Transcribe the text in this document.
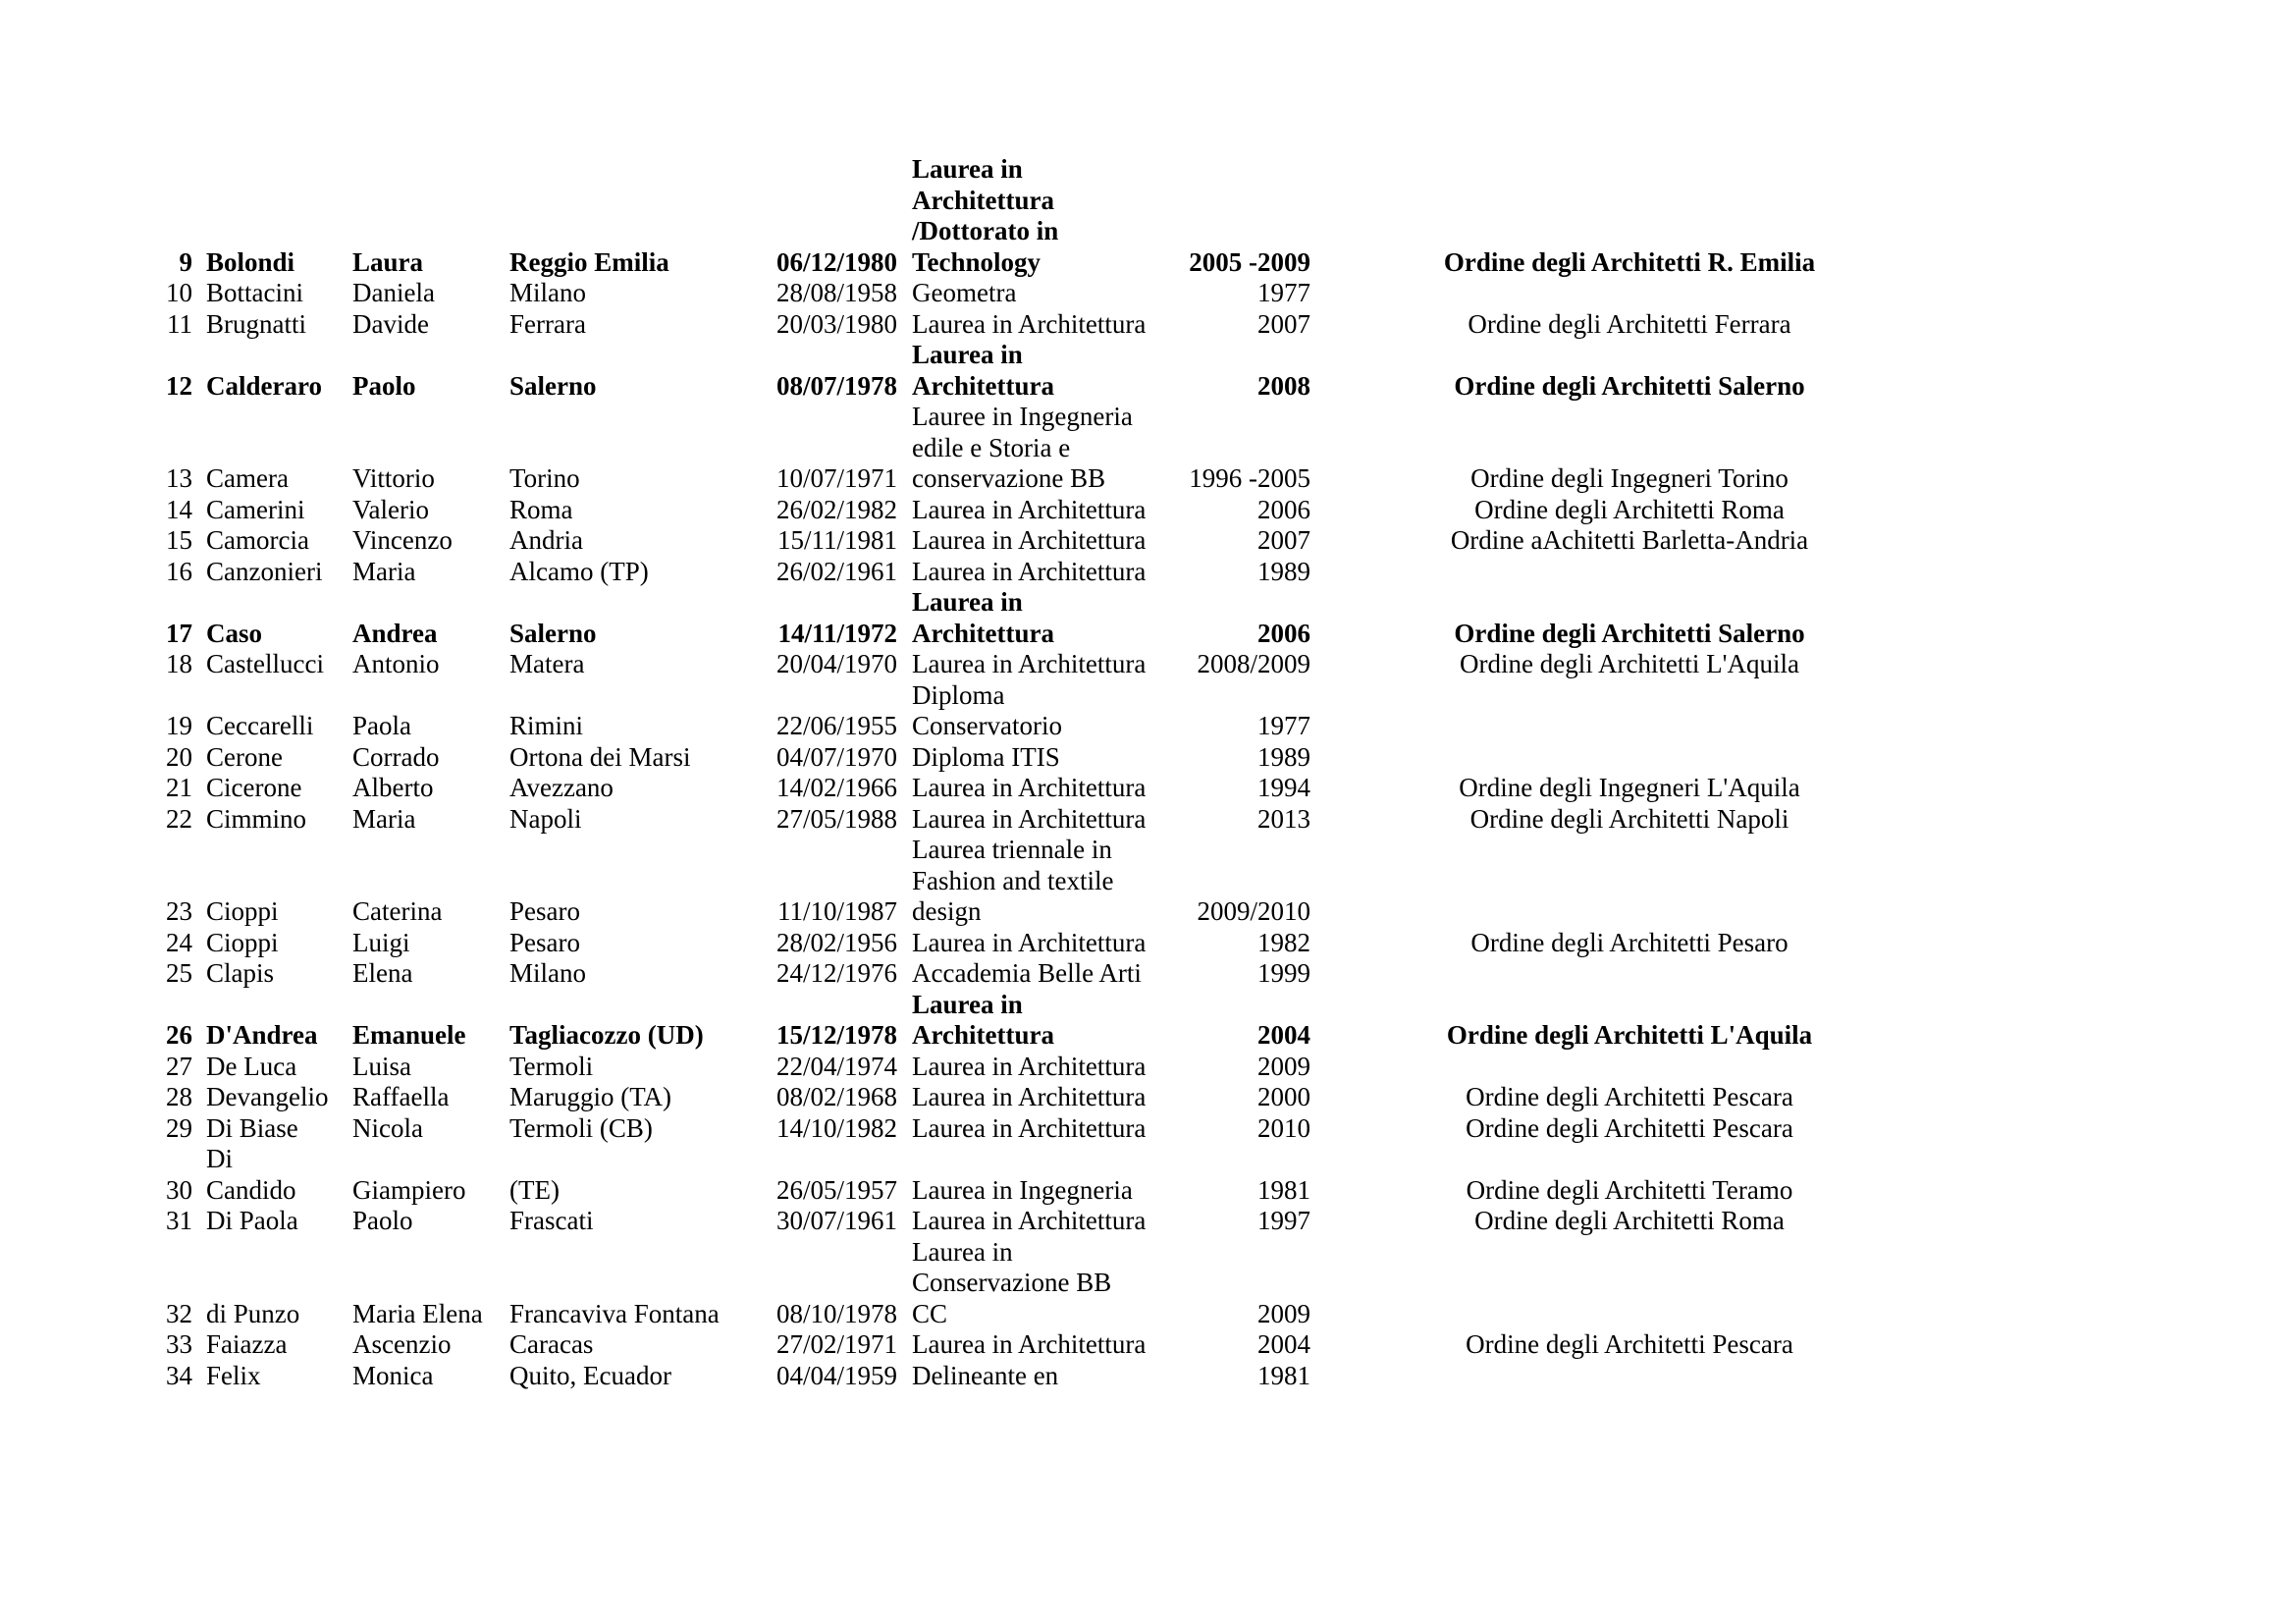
9	Bolondi	Laura	Reggio Emilia	06/12/1980	Laurea in
Architettura
/Dottorato in
Technology	2005 -2009		Ordine degli Architetti R. Emilia
10	Bottacini	Daniela	Milano	28/08/1958	Geometra	1977		
11	Brugnatti	Davide	Ferrara	20/03/1980	Laurea in Architettura	2007		Ordine degli Architetti Ferrara
12	Calderaro	Paolo	Salerno	08/07/1978	Laurea in
Architettura	2008		Ordine degli Architetti Salerno
13	Camera	Vittorio	Torino	10/07/1971	Lauree in Ingegneria
edile e Storia e
conservazione BB	1996 -2005		Ordine degli Ingegneri Torino
14	Camerini	Valerio	Roma	26/02/1982	Laurea in Architettura	2006		Ordine degli Architetti Roma
15	Camorcia	Vincenzo	Andria	15/11/1981	Laurea in Architettura	2007		Ordine aAchitetti Barletta-Andria
16	Canzonieri	Maria	Alcamo (TP)	26/02/1961	Laurea in Architettura	1989		
17	Caso	Andrea	Salerno	14/11/1972	Laurea in
Architettura	2006		Ordine degli Architetti Salerno
18	Castellucci	Antonio	Matera	20/04/1970	Laurea in Architettura	2008/2009		Ordine degli Architetti L'Aquila
19	Ceccarelli	Paola	Rimini	22/06/1955	Diploma
Conservatorio	1977		
20	Cerone	Corrado	Ortona dei Marsi	04/07/1970	Diploma ITIS	1989		
21	Cicerone	Alberto	Avezzano	14/02/1966	Laurea in Architettura	1994		Ordine degli Ingegneri L'Aquila
22	Cimmino	Maria	Napoli	27/05/1988	Laurea in Architettura	2013		Ordine degli Architetti Napoli
23	Cioppi	Caterina	Pesaro	11/10/1987	Laurea triennale in
Fashion and textile
design	2009/2010		
24	Cioppi	Luigi	Pesaro	28/02/1956	Laurea in Architettura	1982		Ordine degli Architetti Pesaro
25	Clapis	Elena	Milano	24/12/1976	Accademia Belle Arti	1999		
26	D'Andrea	Emanuele	Tagliacozzo (UD)	15/12/1978	Laurea in
Architettura	2004		Ordine degli Architetti L'Aquila
27	De Luca	Luisa	Termoli	22/04/1974	Laurea in Architettura	2009		
28	Devangelio	Raffaella	Maruggio (TA)	08/02/1968	Laurea in Architettura	2000		Ordine degli Architetti Pescara
29	Di Biase	Nicola	Termoli (CB)	14/10/1982	Laurea in Architettura	2010		Ordine degli Architetti Pescara
30	Di
Candido	Giampiero	(TE)	26/05/1957	Laurea in Ingegneria	1981		Ordine degli Architetti Teramo
31	Di Paola	Paolo	Frascati	30/07/1961	Laurea in Architettura	1997		Ordine degli Architetti Roma
32	di Punzo	Maria Elena	Francaviva Fontana	08/10/1978	Laurea in
Conservazione BB
CC	2009		
33	Faiazza	Ascenzio	Caracas	27/02/1971	Laurea in Architettura	2004		Ordine degli Architetti Pescara
34	Felix	Monica	Quito, Ecuador	04/04/1959	Delineante en	1981		
